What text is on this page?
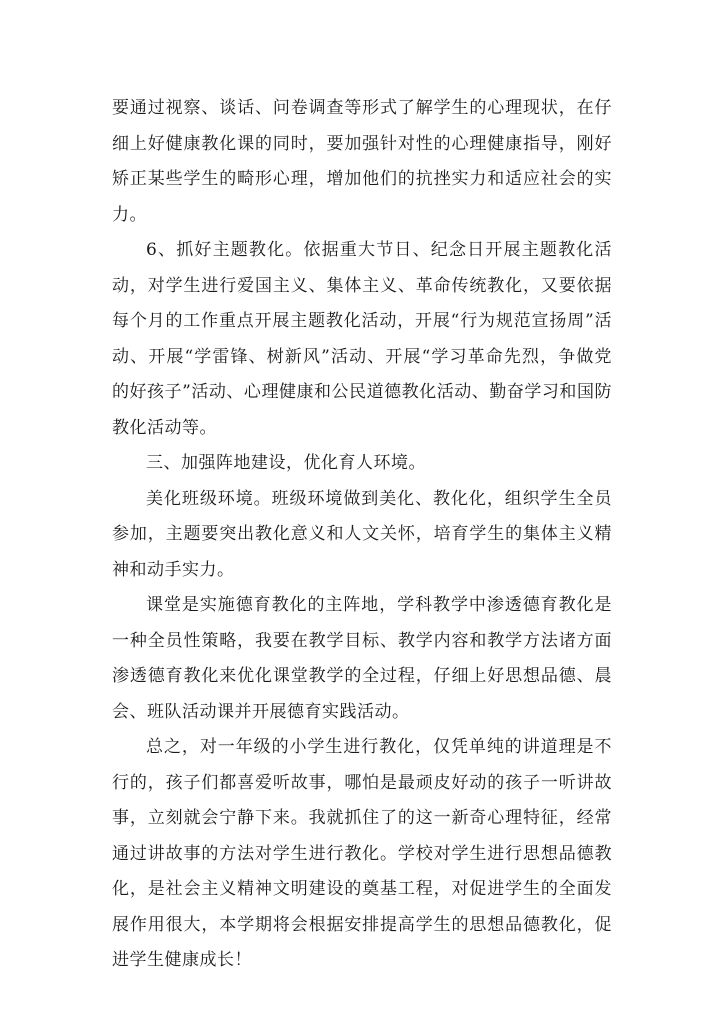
要通过视察、谈话、问卷调查等形式了解学生的心理现状，在仔细上好健康教化课的同时，要加强针对性的心理健康指导，刚好矫正某些学生的畸形心理，增加他们的抗挫实力和适应社会的实力。

6、抓好主题教化。依据重大节日、纪念日开展主题教化活动，对学生进行爱国主义、集体主义、革命传统教化，又要依据每个月的工作重点开展主题教化活动，开展“行为规范宣扬周”活动、开展“学雷锋、树新风”活动、开展“学习革命先烈，争做党的好孩子”活动、心理健康和公民道德教化活动、勤奋学习和国防教化活动等。

三、加强阵地建设，优化育人环境。

美化班级环境。班级环境做到美化、教化化，组织学生全员参加，主题要突出教化意义和人文关怀，培育学生的集体主义精神和动手实力。

课堂是实施德育教化的主阵地，学科教学中渗透德育教化是一种全员性策略，我要在教学目标、教学内容和教学方法诸方面渗透德育教化来优化课堂教学的全过程，仔细上好思想品德、晨会、班队活动课并开展德育实践活动。

总之，对一年级的小学生进行教化，仅凭单纯的讲道理是不行的，孩子们都喜爱听故事，哪怕是最顽皮好动的孩子一听讲故事，立刻就会宁静下来。我就抓住了的这一新奇心理特征，经常通过讲故事的方法对学生进行教化。学校对学生进行思想品德教化，是社会主义精神文明建设的奠基工程，对促进学生的全面发展作用很大，本学期将会根据安排提高学生的思想品德教化，促进学生健康成长！
